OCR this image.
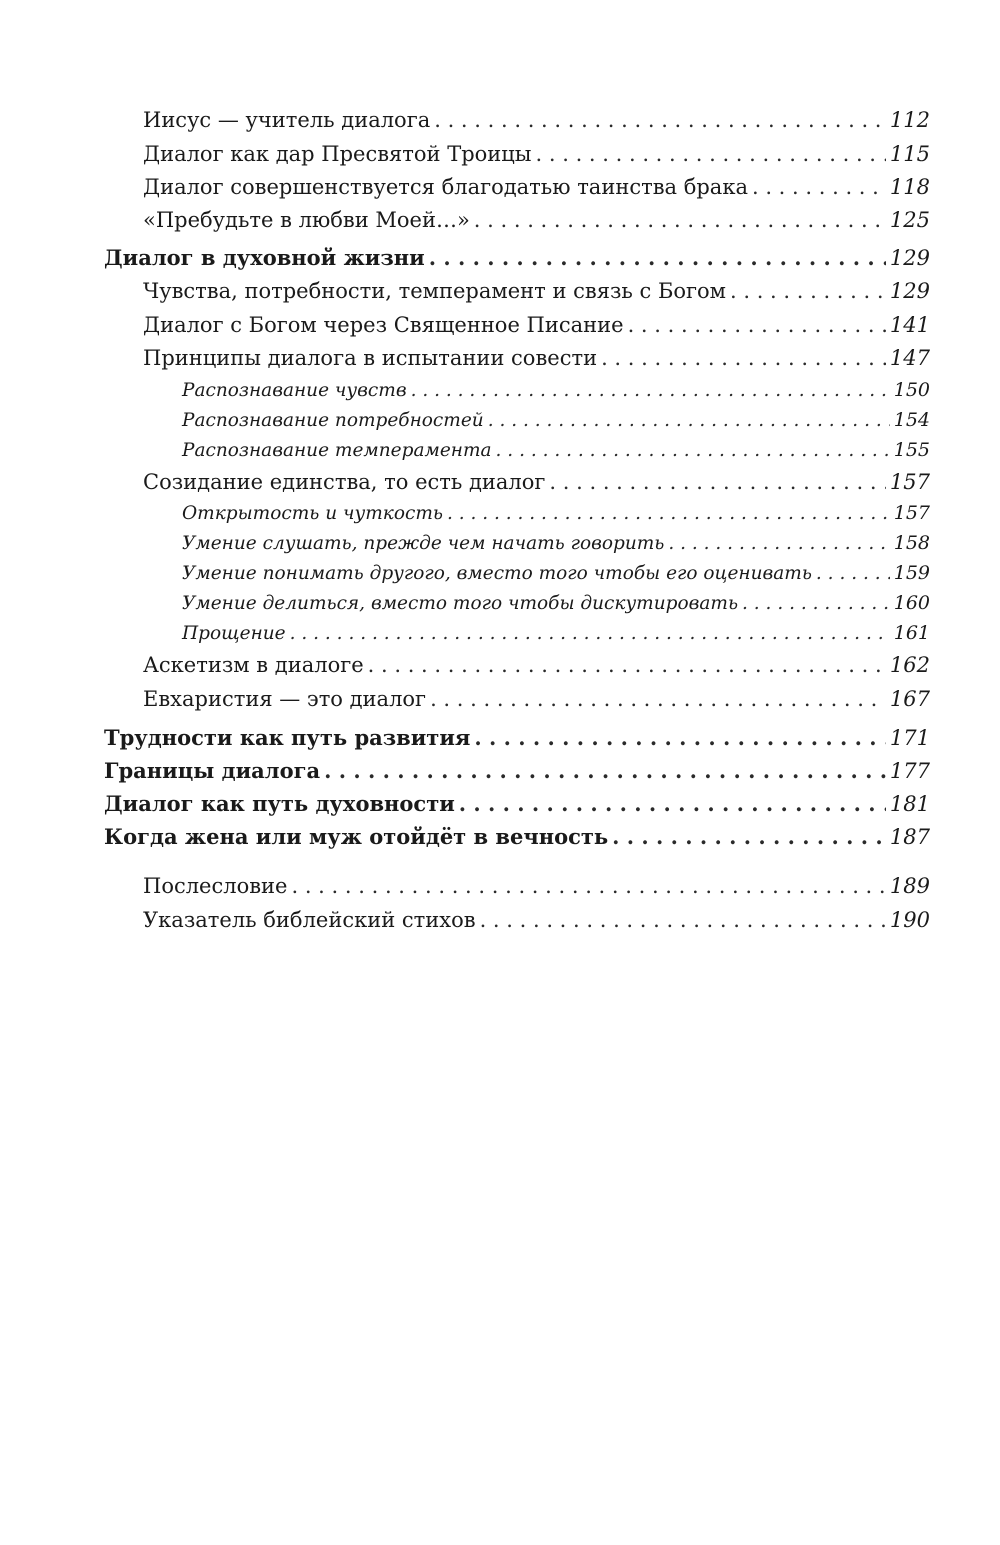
Иисус — учитель диалога . . .	112
Диалог как дар Пресвятой Троицы . . .	115
Диалог совершенствуется благодатью таинства брака . . .	118
«Пребудьте в любви Моей…» . . .	125
Диалог в духовной жизни . . .	129
Чувства, потребности, темперамент и связь с Богом . . .	129
Диалог с Богом через Священное Писание . . .	141
Принципы диалога в испытании совести . . .	147
Распознавание чувств . . .	150
Распознавание потребностей . . .	154
Распознавание темперамента . . .	155
Созидание единства, то есть диалог . . .	157
Открытость и чуткость . . .	157
Умение слушать, прежде чем начать говорить . . .	158
Умение понимать другого, вместо того чтобы его оценивать . . .	159
Умение делиться, вместо того чтобы дискутировать . . .	160
Прощение . . .	161
Аскетизм в диалоге . . .	162
Евхаристия — это диалог . . .	167
Трудности как путь развития . . .	171
Границы диалога . . .	177
Диалог как путь духовности . . .	181
Когда жена или муж отойдёт в вечность . . .	187
Послесловие . . .	189
Указатель библейский стихов . . .	190
